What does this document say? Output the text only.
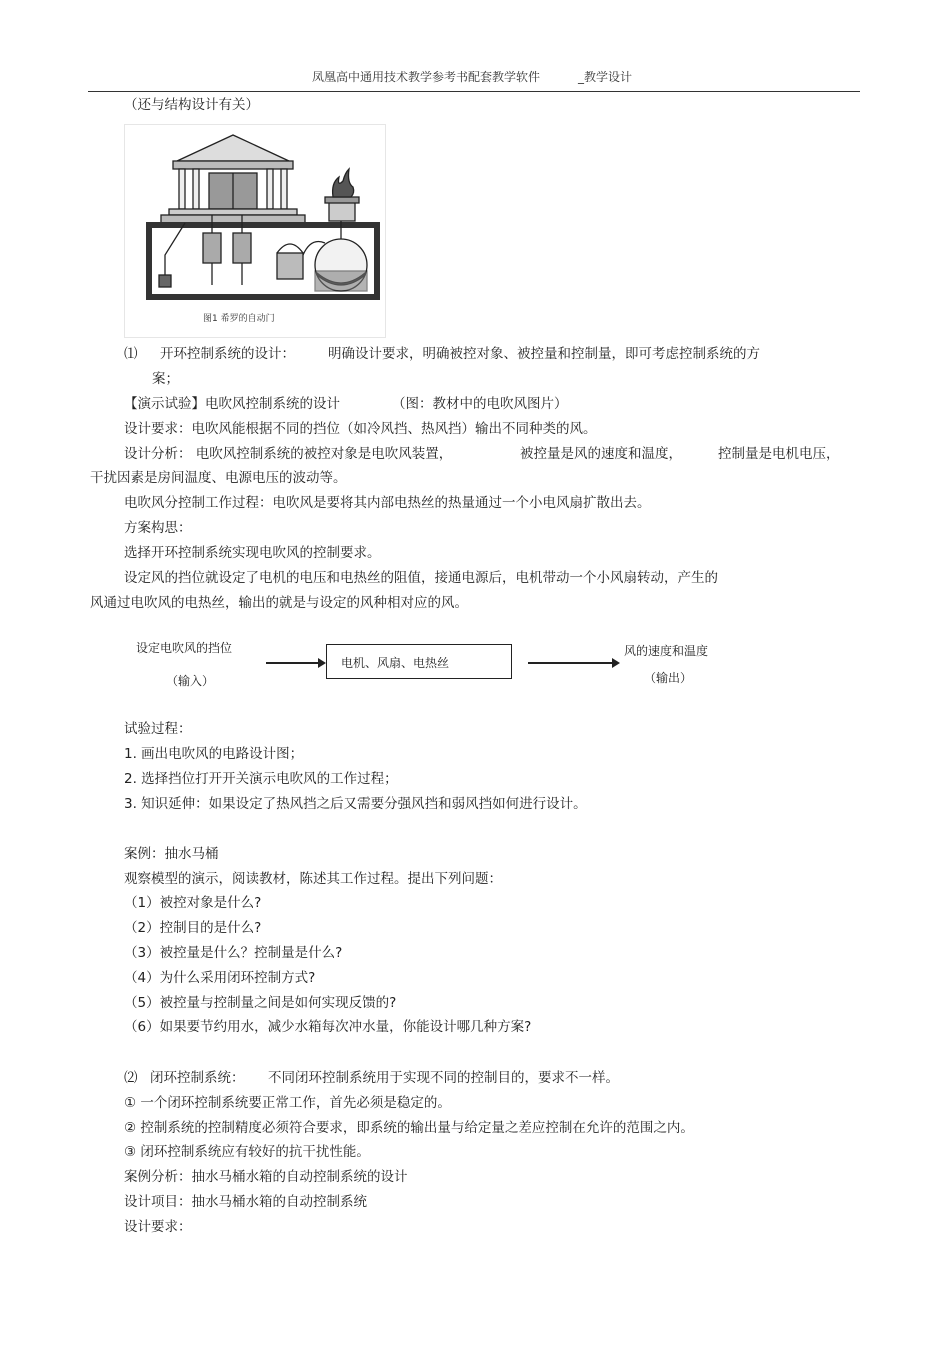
凤凰高中通用技术教学参考书配套教学软件	_教学设计
（还与结构设计有关）
图1 希罗的自动门
⑴ 开环控制系统的设计： 明确设计要求，明确被控对象、被控量和控制量，即可考虑控制系统的方
案；
【演示试验】电吹风控制系统的设计	（图：教材中的电吹风图片）
设计要求：电吹风能根据不同的挡位（如冷风挡、热风挡）输出不同种类的风。
设计分析： 电吹风控制系统的被控对象是电吹风装置，	被控量是风的速度和温度，	控制量是电机电压，
干扰因素是房间温度、电源电压的波动等。
电吹风分控制工作过程：电吹风是要将其内部电热丝的热量通过一个小电风扇扩散出去。
方案构思：
选择开环控制系统实现电吹风的控制要求。
设定风的挡位就设定了电机的电压和电热丝的阻值，接通电源后，电机带动一个小风扇转动，产生的
风通过电吹风的电热丝，输出的就是与设定的风种相对应的风。
设定电吹风的挡位
（输入）
电机、风扇、电热丝
风的速度和温度
（输出）
试验过程：
1. 画出电吹风的电路设计图；
2. 选择挡位打开开关演示电吹风的工作过程；
3. 知识延伸：如果设定了热风挡之后又需要分强风挡和弱风挡如何进行设计。
案例：抽水马桶
观察模型的演示，阅读教材，陈述其工作过程。提出下列问题：
（1）被控对象是什么?
（2）控制目的是什么?
（3）被控量是什么？控制量是什么?
（4）为什么采用闭环控制方式?
（5）被控量与控制量之间是如何实现反馈的?
（6）如果要节约用水，减少水箱每次冲水量，你能设计哪几种方案?
⑵ 闭环控制系统： 不同闭环控制系统用于实现不同的控制目的，要求不一样。
① 一个闭环控制系统要正常工作，首先必须是稳定的。
② 控制系统的控制精度必须符合要求，即系统的输出量与给定量之差应控制在允许的范围之内。
③ 闭环控制系统应有较好的抗干扰性能。
案例分析：抽水马桶水箱的自动控制系统的设计
设计项目：抽水马桶水箱的自动控制系统
设计要求：
